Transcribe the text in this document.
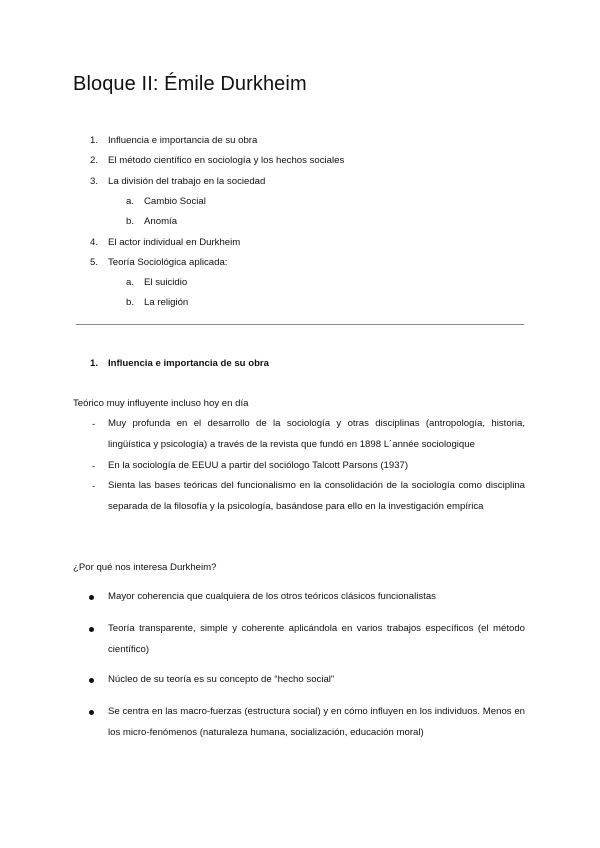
Bloque II: Émile Durkheim
1. Influencia e importancia de su obra
2. El método científico en sociología y los hechos sociales
3. La división del trabajo en la sociedad
a. Cambio Social
b. Anomía
4. El actor individual en Durkheim
5. Teoría Sociológica aplicada:
a. El suicidio
b. La religión
1. Influencia e importancia de su obra
Teórico muy influyente incluso hoy en día
- Muy profunda en el desarrollo de la sociología y otras disciplinas (antropología, historia, lingüística y psicología) a través de la revista que fundó en 1898 L´année sociologique
- En la sociología de EEUU a partir del sociólogo Talcott Parsons (1937)
- Sienta las bases teóricas del funcionalismo en la consolidación de la sociología como disciplina separada de la filosofía y la psicología, basándose para ello en la investigación empírica
¿Por qué nos interesa Durkheim?
Mayor coherencia que cualquiera de los otros teóricos clásicos funcionalistas
Teoría transparente, simple y coherente aplicándola en varios trabajos específicos (el método científico)
Núcleo de su teoría es su concepto de “hecho social”
Se centra en las macro-fuerzas (estructura social) y en cómo influyen en los individuos. Menos en los micro-fenómenos (naturaleza humana, socialización, educación moral)
